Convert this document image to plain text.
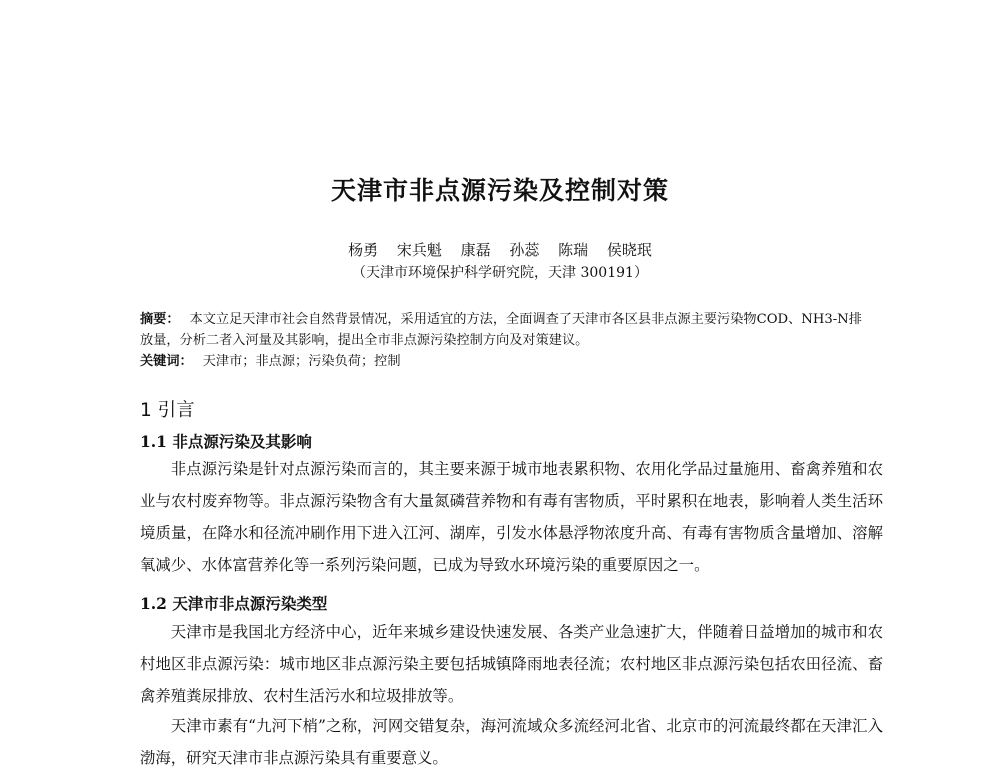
天津市非点源污染及控制对策
杨勇 宋兵魁 康磊 孙蕊 陈瑞 侯晓珉
（天津市环境保护科学研究院，天津 300191）
摘要： 本文立足天津市社会自然背景情况，采用适宜的方法，全面调查了天津市各区县非点源主要污染物COD、NH3-N排放量，分析二者入河量及其影响，提出全市非点源污染控制方向及对策建议。
关键词： 天津市；非点源；污染负荷；控制
1 引言
1.1 非点源污染及其影响

非点源污染是针对点源污染而言的，其主要来源于城市地表累积物、农用化学品过量施用、畜禽养殖和农业与农村废弃物等。非点源污染物含有大量氮磷营养物和有毒有害物质，平时累积在地表，影响着人类生活环境质量，在降水和径流冲刷作用下进入江河、湖库，引发水体悬浮物浓度升高、有毒有害物质含量增加、溶解氧减少、水体富营养化等一系列污染问题，已成为导致水环境污染的重要原因之一。

1.2 天津市非点源污染类型

天津市是我国北方经济中心，近年来城乡建设快速发展、各类产业急速扩大，伴随着日益增加的城市和农村地区非点源污染：城市地区非点源污染主要包括城镇降雨地表径流；农村地区非点源污染包括农田径流、畜禽养殖粪尿排放、农村生活污水和垃圾排放等。

天津市素有“九河下梢”之称，河网交错复杂，海河流域众多流经河北省、北京市的河流最终都在天津汇入渤海，研究天津市非点源污染具有重要意义。
